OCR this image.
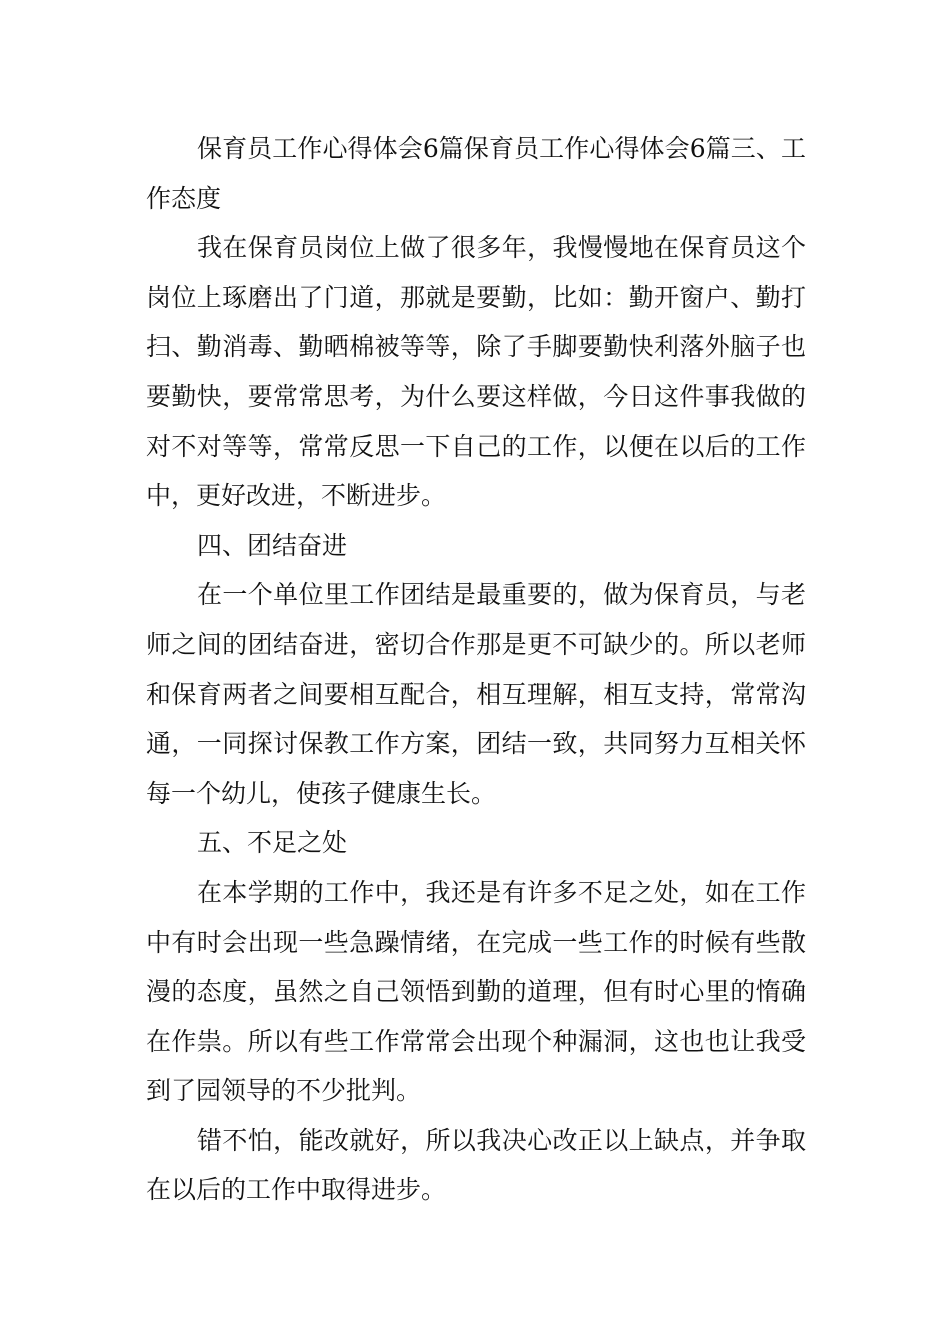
保育员工作心得体会6篇保育员工作心得体会6篇三、工作态度

我在保育员岗位上做了很多年，我慢慢地在保育员这个岗位上琢磨出了门道，那就是要勤，比如：勤开窗户、勤打扫、勤消毒、勤晒棉被等等，除了手脚要勤快利落外脑子也要勤快，要常常思考，为什么要这样做，今日这件事我做的对不对等等，常常反思一下自己的工作，以便在以后的工作中，更好改进，不断进步。

四、团结奋进

在一个单位里工作团结是最重要的，做为保育员，与老师之间的团结奋进，密切合作那是更不可缺少的。所以老师和保育两者之间要相互配合，相互理解，相互支持，常常沟通，一同探讨保教工作方案，团结一致，共同努力互相关怀每一个幼儿，使孩子健康生长。

五、不足之处

在本学期的工作中，我还是有许多不足之处，如在工作中有时会出现一些急躁情绪，在完成一些工作的时候有些散漫的态度，虽然之自己领悟到勤的道理，但有时心里的惰确在作祟。所以有些工作常常会出现个种漏洞，这也也让我受到了园领导的不少批判。

错不怕，能改就好，所以我决心改正以上缺点，并争取在以后的工作中取得进步。
